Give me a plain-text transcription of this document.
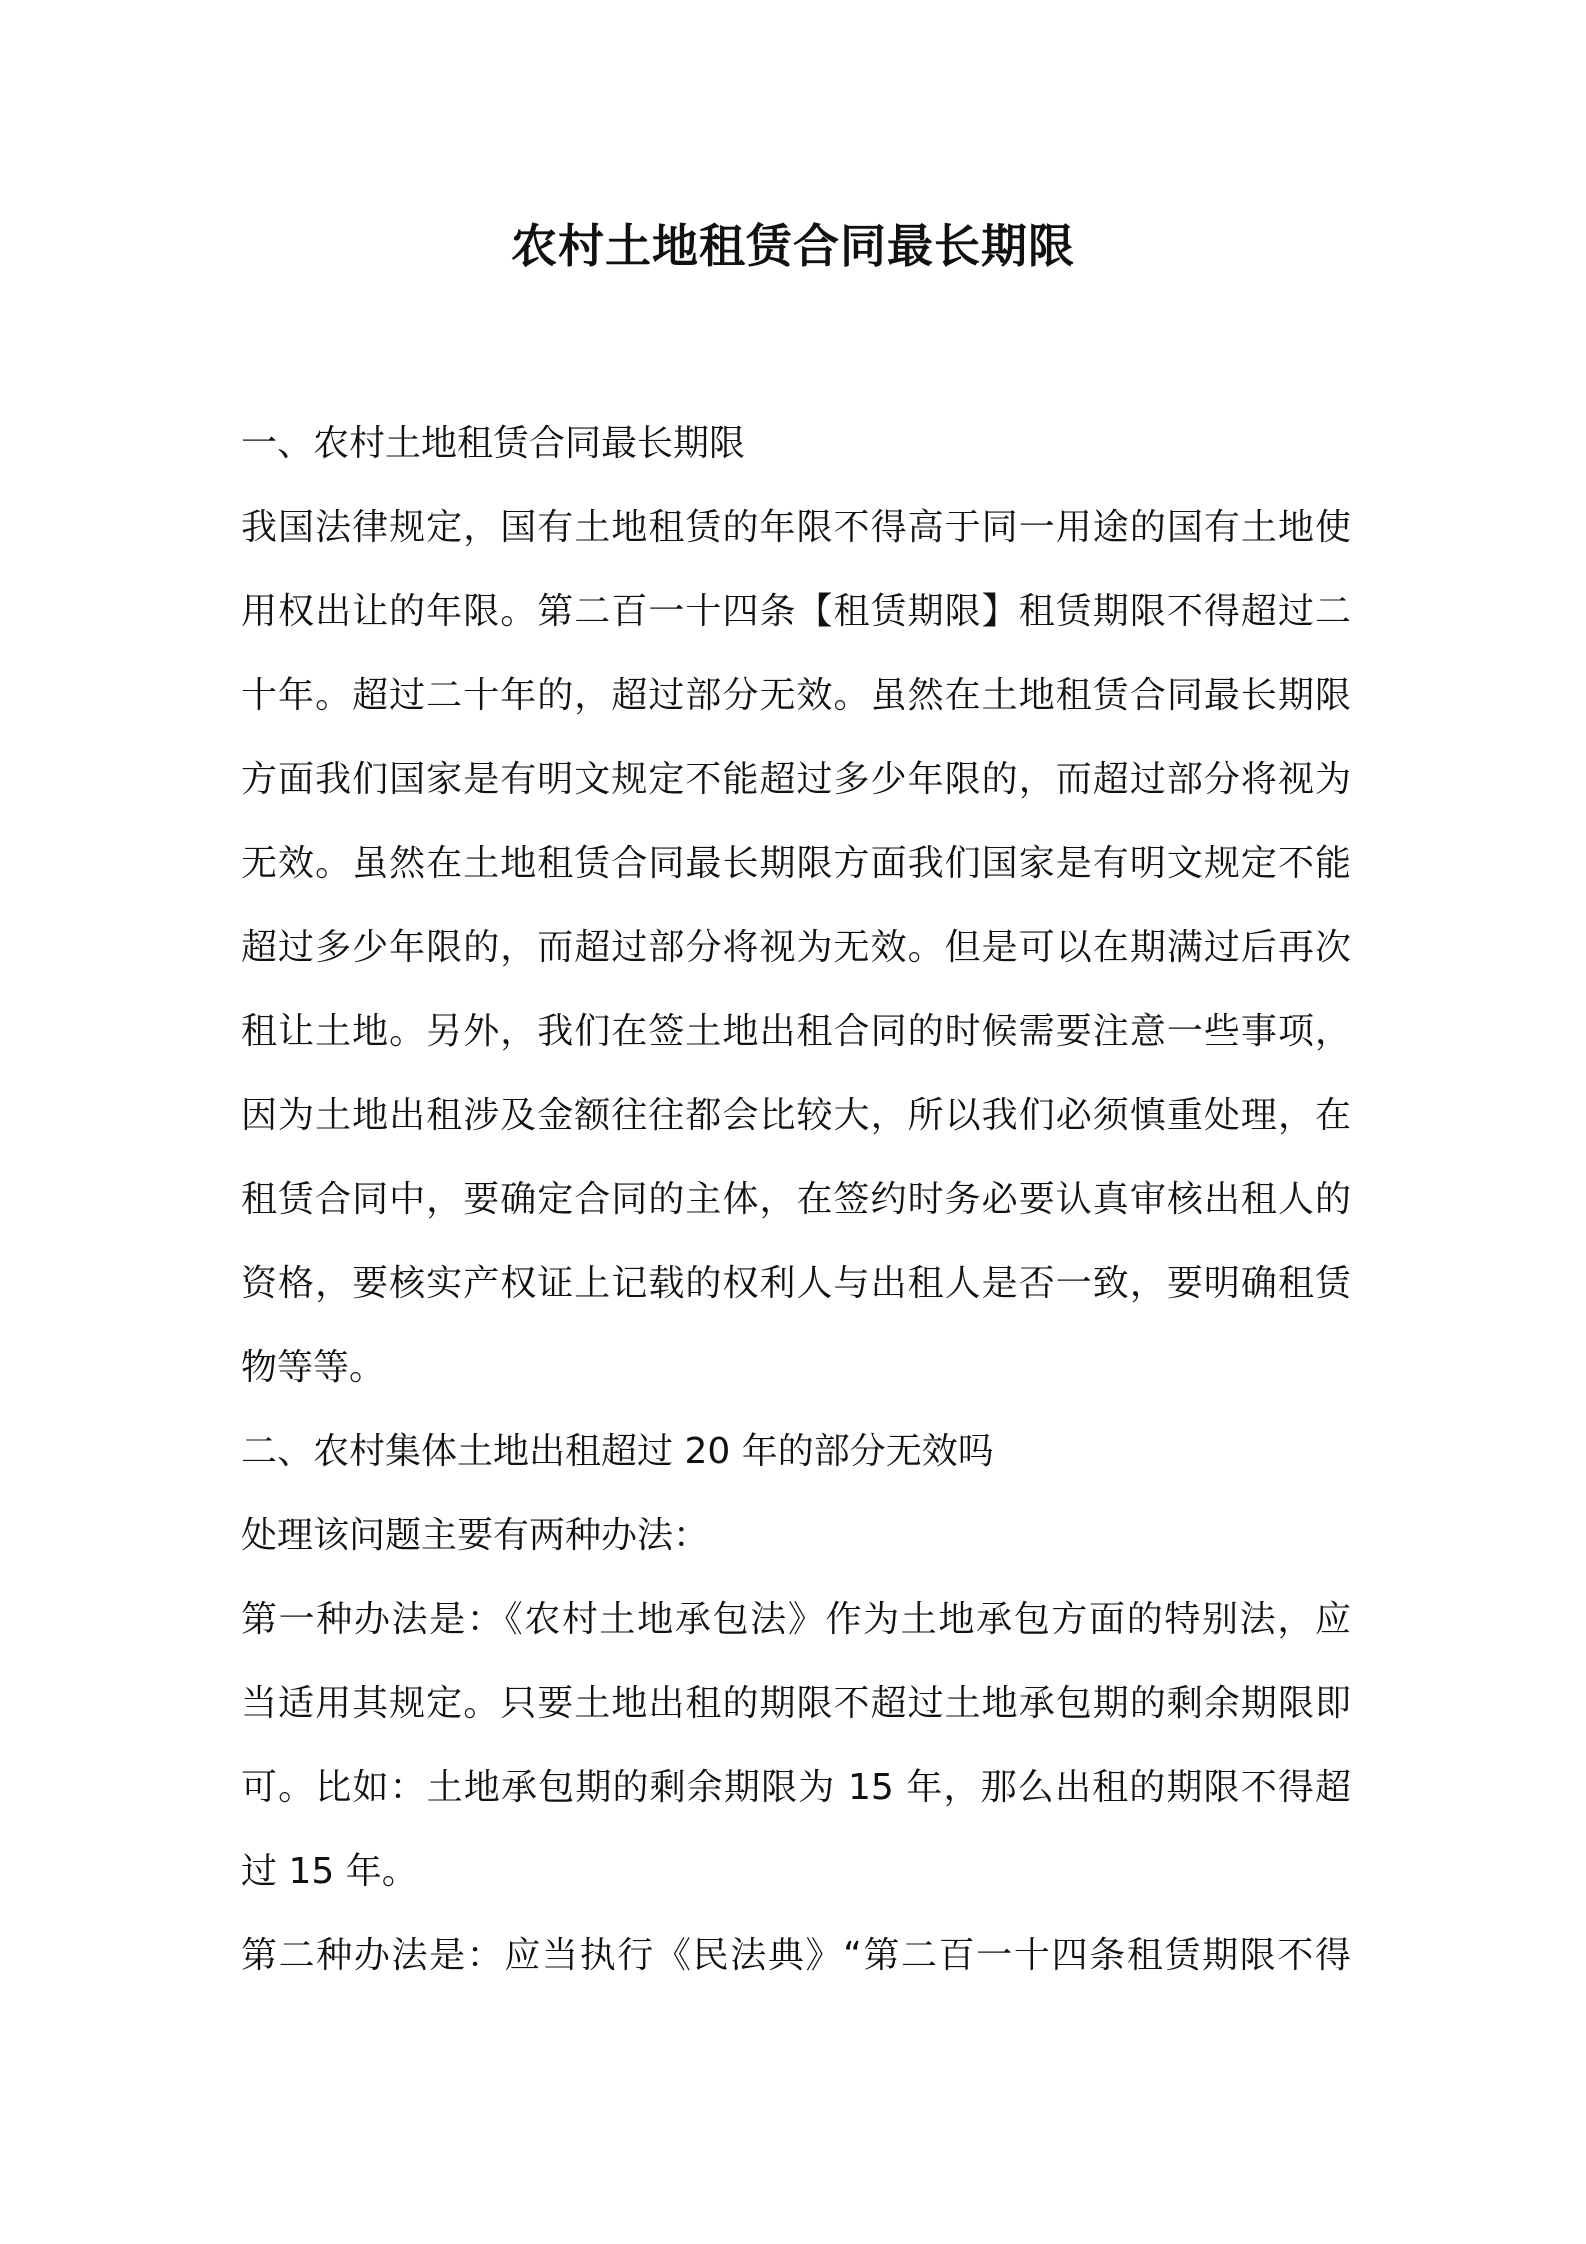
农村土地租赁合同最长期限
一、农村土地租赁合同最长期限

我国法律规定，国有土地租赁的年限不得高于同一用途的国有土地使
用权出让的年限。第二百一十四条【租赁期限】租赁期限不得超过二
十年。超过二十年的，超过部分无效。虽然在土地租赁合同最长期限
方面我们国家是有明文规定不能超过多少年限的，而超过部分将视为
无效。虽然在土地租赁合同最长期限方面我们国家是有明文规定不能
超过多少年限的，而超过部分将视为无效。但是可以在期满过后再次
租让土地。另外，我们在签土地出租合同的时候需要注意一些事项，
因为土地出租涉及金额往往都会比较大，所以我们必须慎重处理，在
租赁合同中，要确定合同的主体，在签约时务必要认真审核出租人的
资格，要核实产权证上记载的权利人与出租人是否一致，要明确租赁
物等等。

二、农村集体土地出租超过 20 年的部分无效吗

处理该问题主要有两种办法：

第一种办法是：《农村土地承包法》作为土地承包方面的特别法，应
当适用其规定。只要土地出租的期限不超过土地承包期的剩余期限即
可。比如：土地承包期的剩余期限为 15 年，那么出租的期限不得超
过 15 年。

第二种办法是：应当执行《民法典》“第二百一十四条租赁期限不得
